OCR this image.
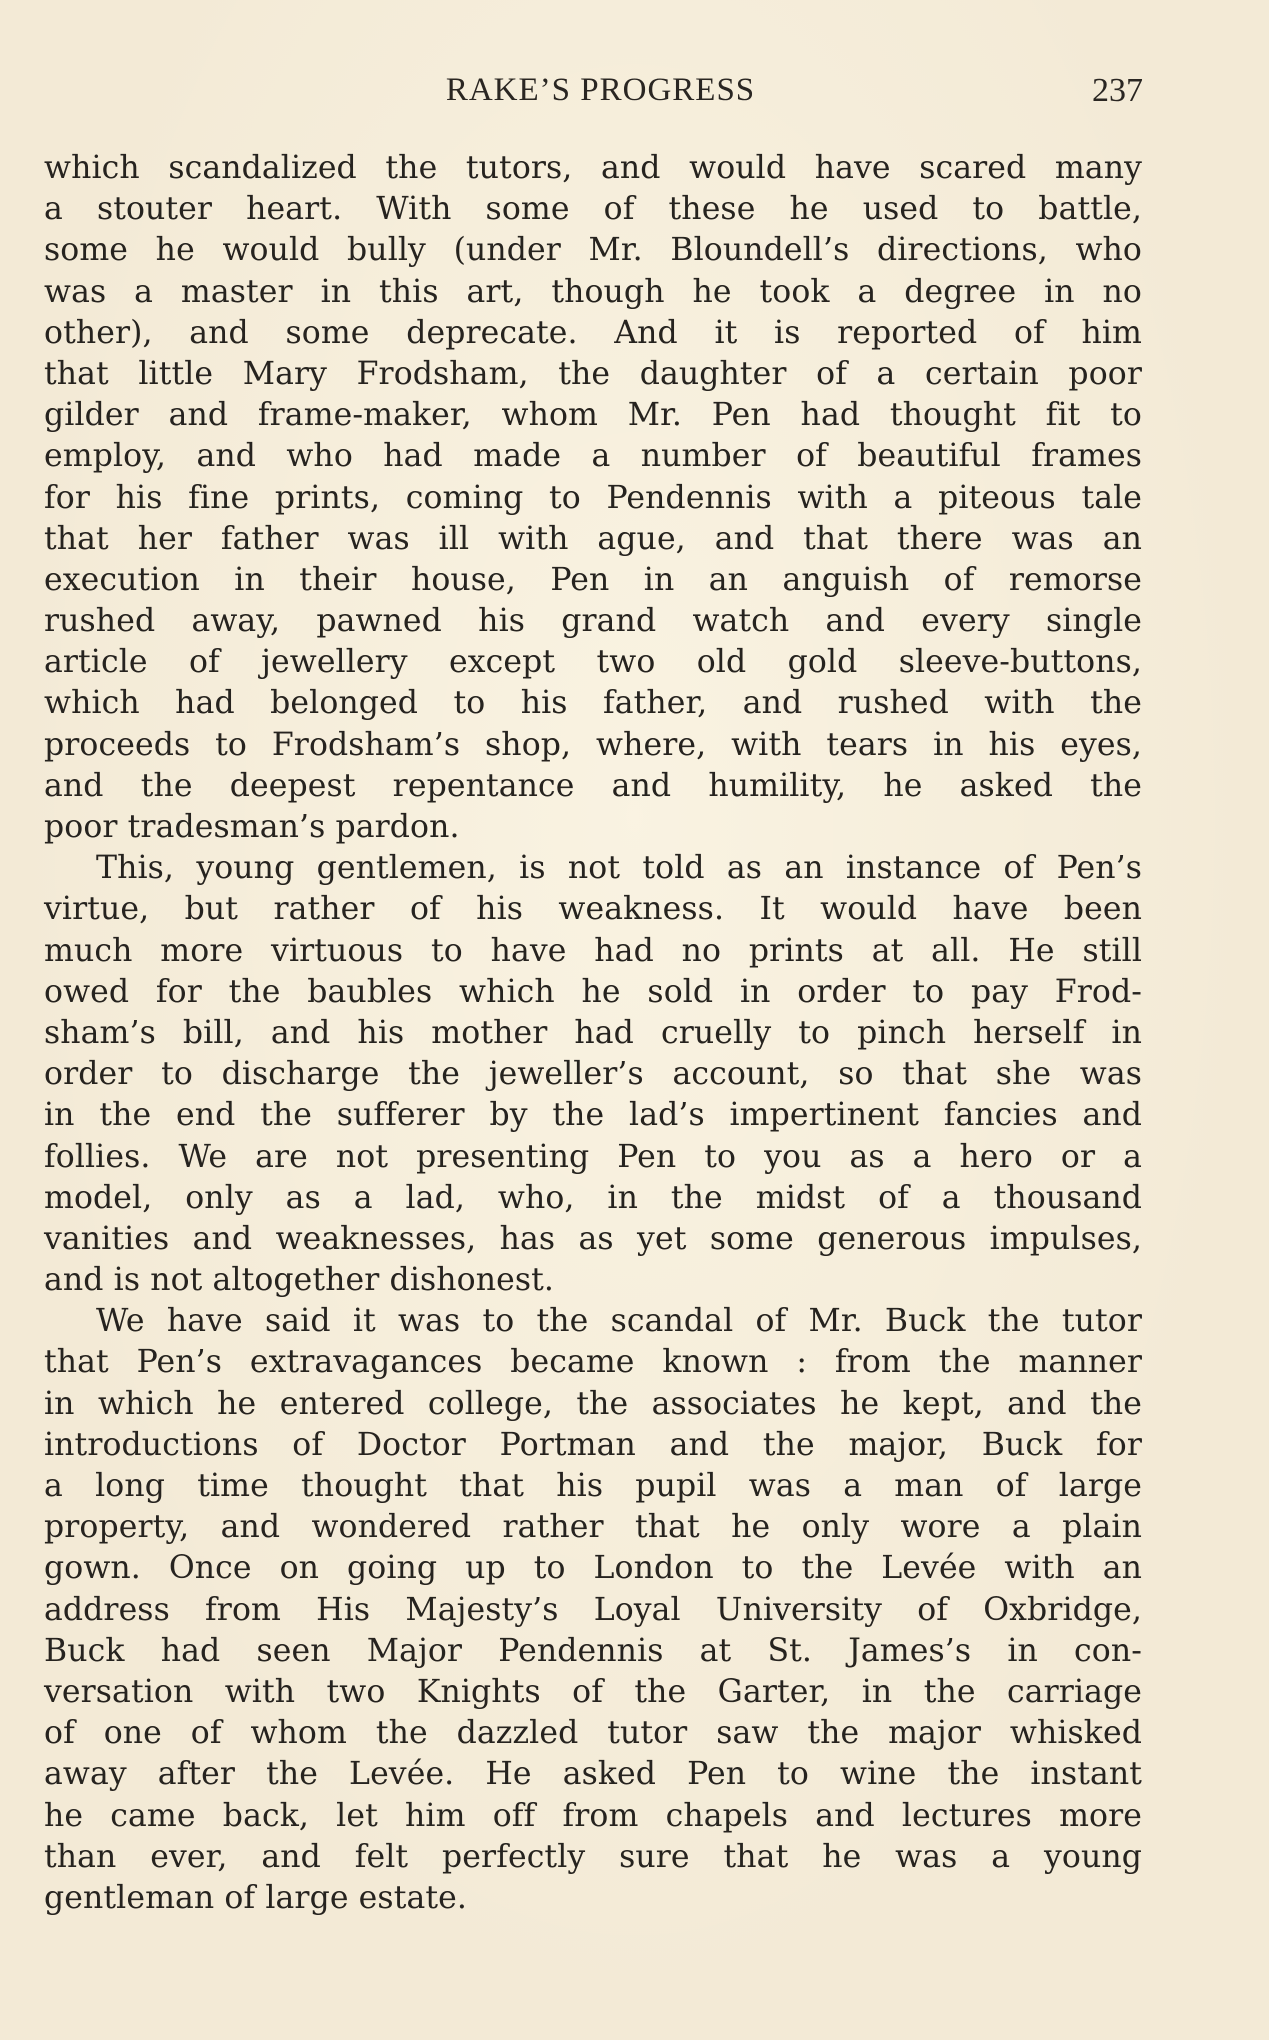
RAKE’S PROGRESS	237
which scandalized the tutors, and would have scared many
a stouter heart. With some of these he used to battle,
some he would bully (under Mr. Bloundell’s directions, who
was a master in this art, though he took a degree in no
other), and some deprecate. And it is reported of him
that little Mary Frodsham, the daughter of a certain poor
gilder and frame-maker, whom Mr. Pen had thought fit to
employ, and who had made a number of beautiful frames
for his fine prints, coming to Pendennis with a piteous tale
that her father was ill with ague, and that there was an
execution in their house, Pen in an anguish of remorse
rushed away, pawned his grand watch and every single
article of jewellery except two old gold sleeve-buttons,
which had belonged to his father, and rushed with the
proceeds to Frodsham’s shop, where, with tears in his eyes,
and the deepest repentance and humility, he asked the
poor tradesman’s pardon.
This, young gentlemen, is not told as an instance of Pen’s
virtue, but rather of his weakness. It would have been
much more virtuous to have had no prints at all. He still
owed for the baubles which he sold in order to pay Frod-
sham’s bill, and his mother had cruelly to pinch herself in
order to discharge the jeweller’s account, so that she was
in the end the sufferer by the lad’s impertinent fancies and
follies. We are not presenting Pen to you as a hero or a
model, only as a lad, who, in the midst of a thousand
vanities and weaknesses, has as yet some generous impulses,
and is not altogether dishonest.
We have said it was to the scandal of Mr. Buck the tutor
that Pen’s extravagances became known : from the manner
in which he entered college, the associates he kept, and the
introductions of Doctor Portman and the major, Buck for
a long time thought that his pupil was a man of large
property, and wondered rather that he only wore a plain
gown. Once on going up to London to the Levée with an
address from His Majesty’s Loyal University of Oxbridge,
Buck had seen Major Pendennis at St. James’s in con-
versation with two Knights of the Garter, in the carriage
of one of whom the dazzled tutor saw the major whisked
away after the Levée. He asked Pen to wine the instant
he came back, let him off from chapels and lectures more
than ever, and felt perfectly sure that he was a young
gentleman of large estate.
